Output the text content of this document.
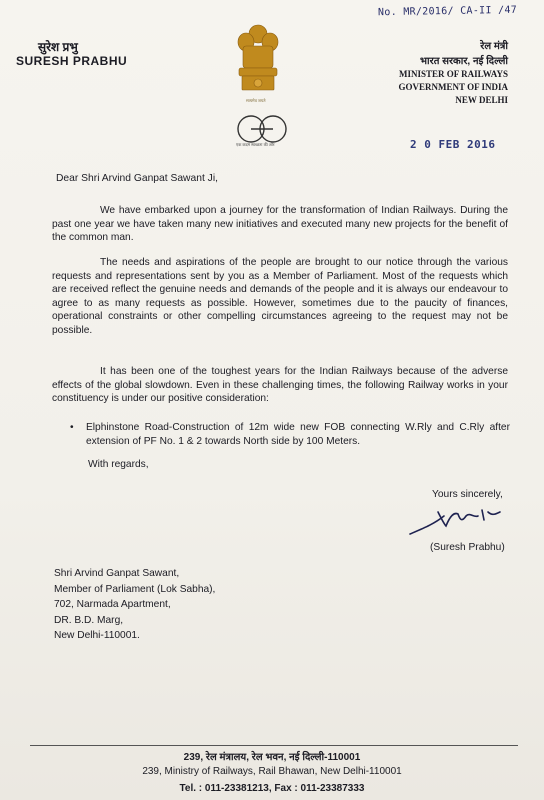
No. MR/2016/ CA-II /47
सुरेश प्रभु
SURESH PRABHU
सत्यमेव जयते
रेल मंत्री
भारत सरकार, नई दिल्ली
MINISTER OF RAILWAYS
GOVERNMENT OF INDIA
NEW DELHI
एक कदम स्वच्छता की ओर	2 0 FEB 2016
Dear Shri Arvind Ganpat Sawant Ji,

We have embarked upon a journey for the transformation of Indian Railways. During the past one year we have taken many new initiatives and executed many new projects for the benefit of the common man.

The needs and aspirations of the people are brought to our notice through the various requests and representations sent by you as a Member of Parliament. Most of the requests which are received reflect the genuine needs and demands of the people and it is always our endeavour to agree to as many requests as possible. However, sometimes due to the paucity of finances, operational constraints or other compelling circumstances agreeing to the request may not be possible.

It has been one of the toughest years for the Indian Railways because of the adverse effects of the global slowdown. Even in these challenging times, the following Railway works in your constituency is under our positive consideration:

• Elphinstone Road-Construction of 12m wide new FOB connecting W.Rly and C.Rly after extension of PF No. 1 & 2 towards North side by 100 Meters.
With regards,
Yours sincerely,
(Suresh Prabhu)
Shri Arvind Ganpat Sawant,
Member of Parliament (Lok Sabha),
702, Narmada Apartment,
DR. B.D. Marg,
New Delhi-110001.
239, रेल मंत्रालय, रेल भवन, नई दिल्ली-110001
239, Ministry of Railways, Rail Bhawan, New Delhi-110001
Tel. : 011-23381213, Fax : 011-23387333
